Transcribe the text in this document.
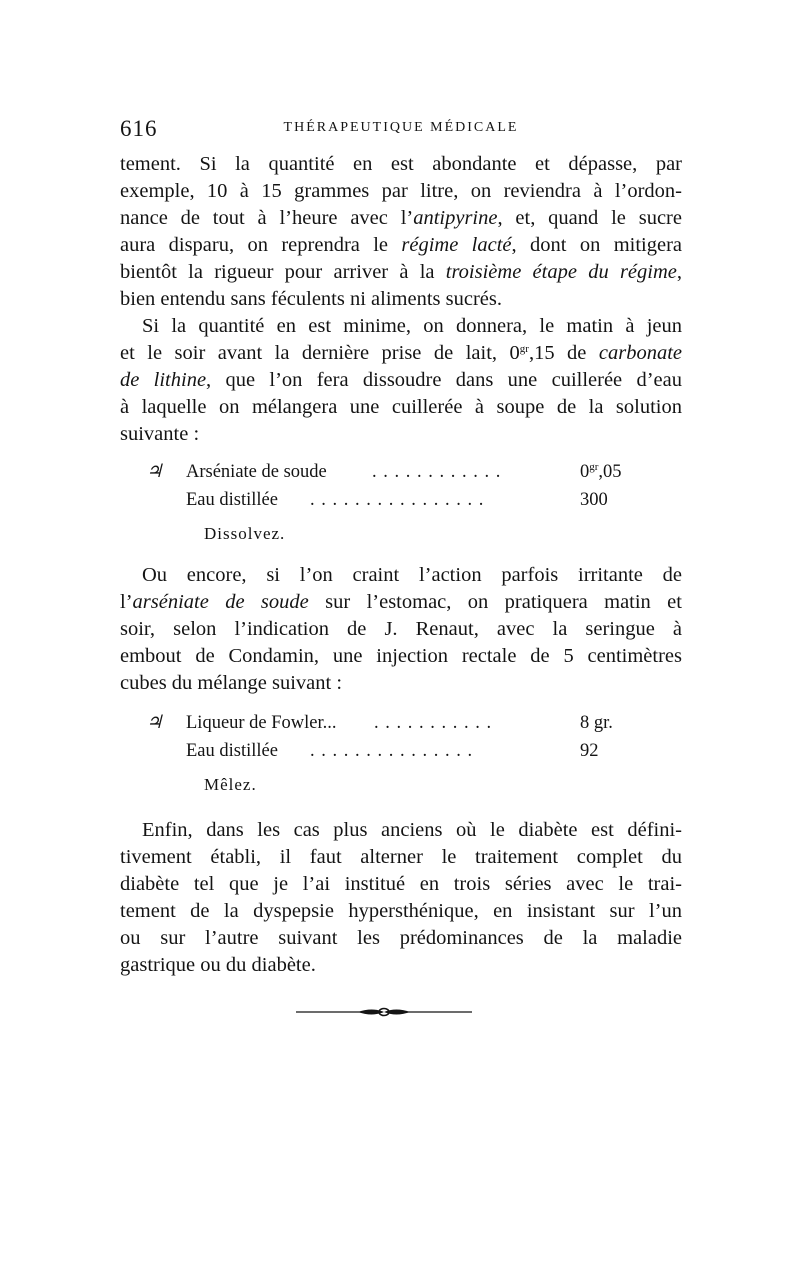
616	THÉRAPEUTIQUE MÉDICALE
tement. Si la quantité en est abondante et dépasse, par
exemple, 10 à 15 grammes par litre, on reviendra à l’ordon-
nance de tout à l’heure avec l’antipyrine, et, quand le sucre
aura disparu, on reprendra le régime lacté, dont on mitigera
bientôt la rigueur pour arriver à la troisième étape du régime,
bien entendu sans féculents ni aliments sucrés.
Si la quantité en est minime, on donnera, le matin à jeun
et le soir avant la dernière prise de lait, $0^{gr},15$ de carbonate
de lithine, que l’on fera dissoudre dans une cuillerée d’eau
à laquelle on mélangera une cuillerée à soupe de la solution
suivante :
♃ Arséniate de soude . . . . . . . . . . . .	$0^{gr},05$
Eau distillée . . . . . . . . . . . . . . . .	300
Dissolvez.
Ou encore, si l’on craint l’action parfois irritante de
l’arséniate de soude sur l’estomac, on pratiquera matin et
soir, selon l’indication de J. Renaut, avec la seringue à
embout de Condamin, une injection rectale de 5 centimètres
cubes du mélange suivant :
♃ Liqueur de Fowler... . . . . . . . . . . .	8 gr.
Eau distillée . . . . . . . . . . . . . . .	92
Mêlez.
Enfin, dans les cas plus anciens où le diabète est défini-
tivement établi, il faut alterner le traitement complet du
diabète tel que je l’ai institué en trois séries avec le trai-
tement de la dyspepsie hypersthénique, en insistant sur l’un
ou sur l’autre suivant les prédominances de la maladie
gastrique ou du diabète.
